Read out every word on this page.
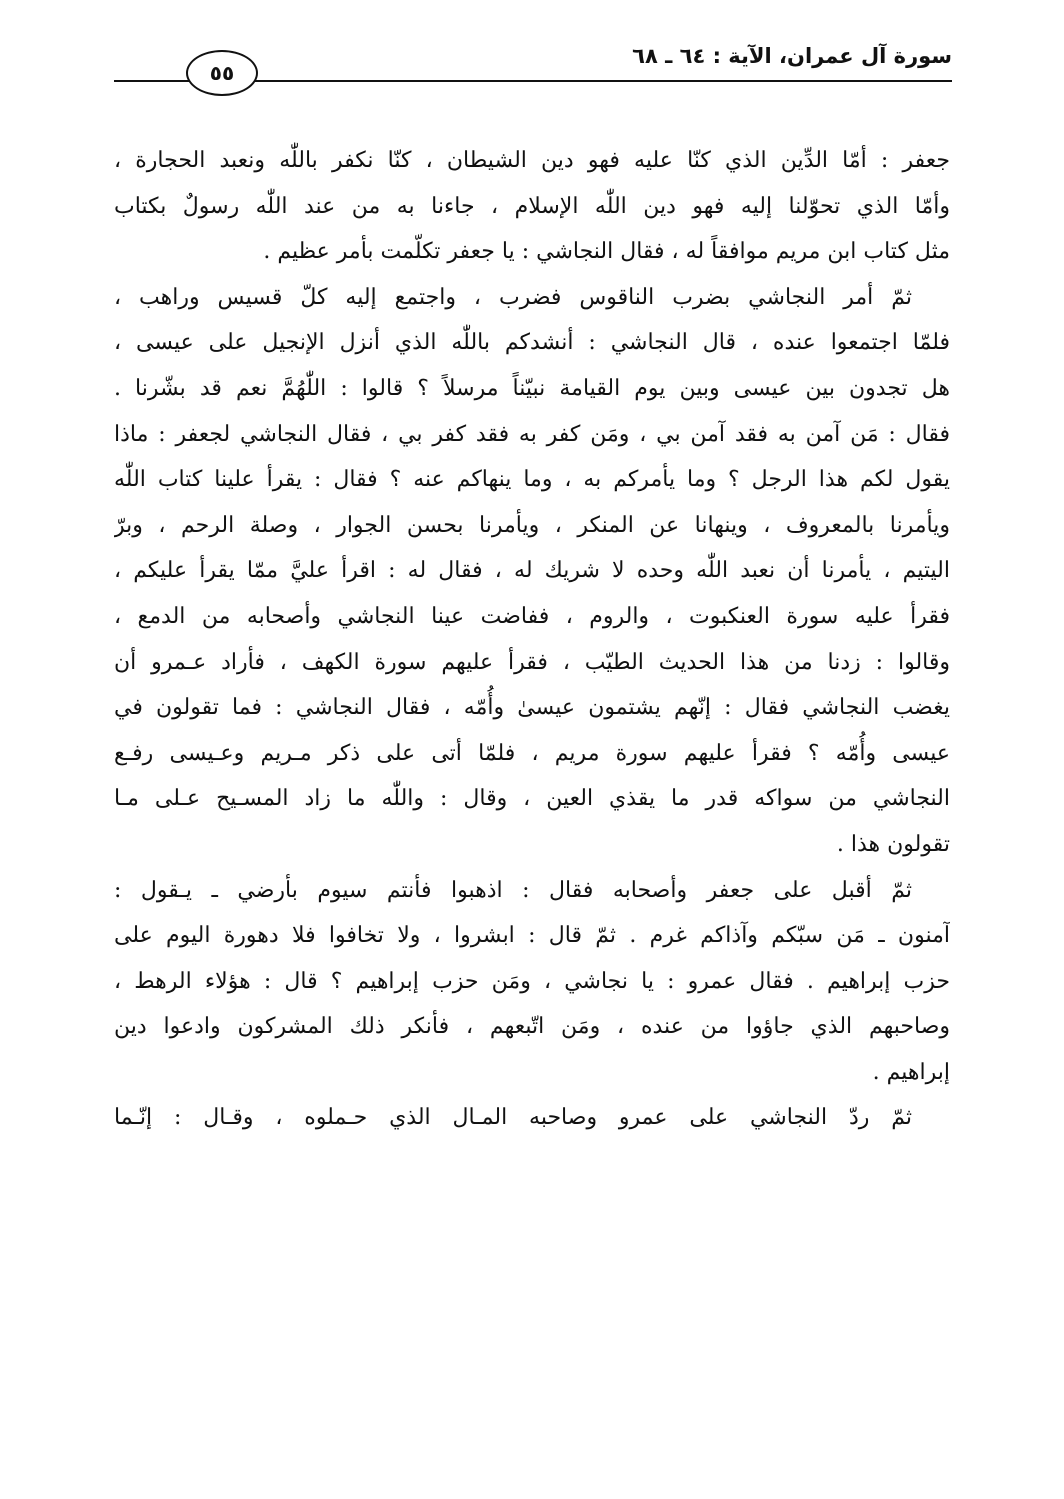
سورة آل عمران، الآية : ٦٤ ـ ٦٨
٥٥
جعفر : أمّا الدِّين الذي كنّا عليه فهو دين الشيطان ، كنّا نكفر باللّٰه ونعبد الحجارة ،
وأمّا الذي تحوّلنا إليه فهو دين اللّٰه الإسلام ، جاءنا به من عند اللّٰه رسولٌ بكتاب
مثل كتاب ابن مريم موافقاً له ، فقال النجاشي : يا جعفر تكلّمت بأمر عظيم .
ثمّ أمر النجاشي بضرب الناقوس فضرب ، واجتمع إليه كلّ قسيس وراهب ،
فلمّا اجتمعوا عنده ، قال النجاشي : أنشدكم باللّٰه الذي أنزل الإنجيل على عيسى ،
هل تجدون بين عيسى وبين يوم القيامة نبيّناً مرسلاً ؟ قالوا : اللّٰهُمَّ نعم قد بشّرنا .
فقال : مَن آمن به فقد آمن بي ، ومَن كفر به فقد كفر بي ، فقال النجاشي لجعفر : ماذا
يقول لكم هذا الرجل ؟ وما يأمركم به ، وما ينهاكم عنه ؟ فقال : يقرأ علينا كتاب اللّٰه
ويأمرنا بالمعروف ، وينهانا عن المنكر ، ويأمرنا بحسن الجوار ، وصلة الرحم ، وبرّ
اليتيم ، يأمرنا أن نعبد اللّٰه وحده لا شريك له ، فقال له : اقرأ عليَّ ممّا يقرأ عليكم ،
فقرأ عليه سورة العنكبوت ، والروم ، ففاضت عينا النجاشي وأصحابه من الدمع ،
وقالوا : زدنا من هذا الحديث الطيّب ، فقرأ عليهم سورة الكهف ، فأراد عـمرو أن
يغضب النجاشي فقال : إنّهم يشتمون عيسىٰ وأُمّه ، فقال النجاشي : فما تقولون في
عيسى وأُمّه ؟ فقرأ عليهم سورة مريم ، فلمّا أتى على ذكر مـريم وعـيسى رفـع
النجاشي من سواكه قدر ما يقذي العين ، وقال : واللّٰه ما زاد المسـيح عـلى مـا
تقولون هذا .
ثمّ أقبل على جعفر وأصحابه فقال : اذهبوا فأنتم سيوم بأرضي ـ يـقول :
آمنون ـ مَن سبّكم وآذاكم غرم . ثمّ قال : ابشروا ، ولا تخافوا فلا دهورة اليوم على
حزب إبراهيم . فقال عمرو : يا نجاشي ، ومَن حزب إبراهيم ؟ قال : هؤلاء الرهط ،
وصاحبهم الذي جاؤوا من عنده ، ومَن اتّبعهم ، فأنكر ذلك المشركون وادعوا دين
إبراهيم .
ثمّ ردّ النجاشي على عمرو وصاحبه المـال الذي حـملوه ، وقـال : إنّـما
